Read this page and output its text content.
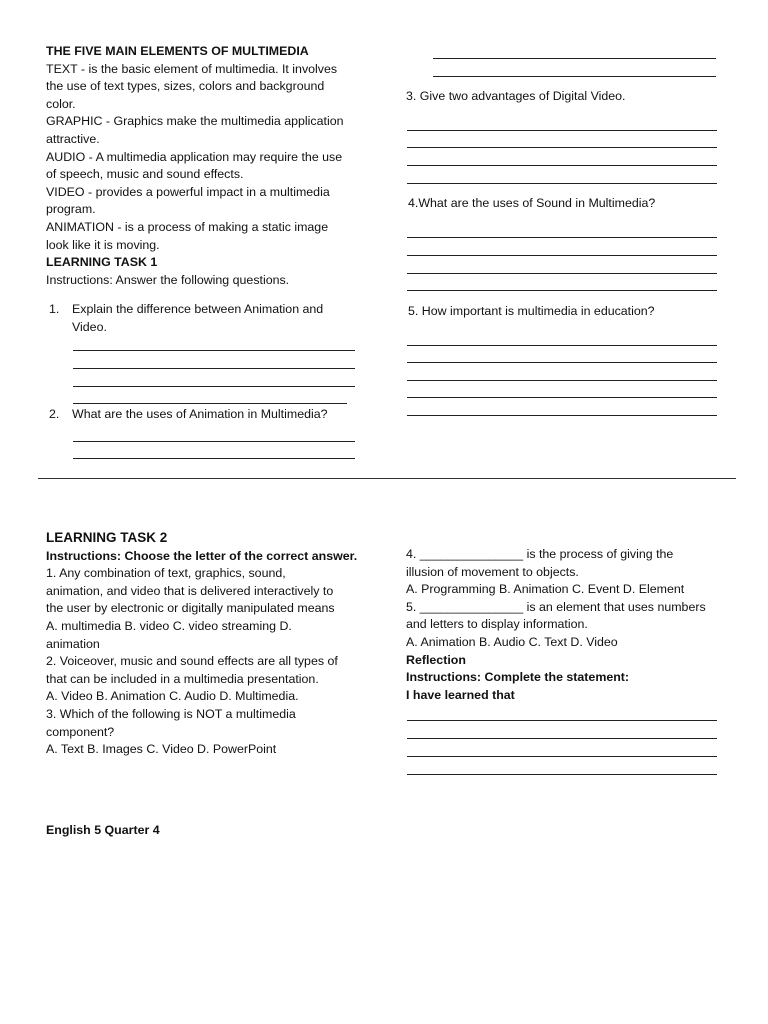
THE FIVE MAIN ELEMENTS OF MULTIMEDIA
TEXT - is the basic element of multimedia. It involves
the use of text types, sizes, colors and background
color.
GRAPHIC - Graphics make the multimedia application
attractive.
AUDIO - A multimedia application may require the use
of speech, music and sound effects.
VIDEO - provides a powerful impact in a multimedia
program.
ANIMATION - is a process of making a static image
look like it is moving.
LEARNING TASK 1
Instructions: Answer the following questions.
1. Explain the difference between Animation and
Video.
2. What are the uses of Animation in Multimedia?
3. Give two advantages of Digital Video.
4.What are the uses of Sound in Multimedia?
5. How important is multimedia in education?
LEARNING TASK 2
Instructions: Choose the letter of the correct answer.
1. Any combination of text, graphics, sound,
animation, and video that is delivered interactively to
the user by electronic or digitally manipulated means
A. multimedia B. video C. video streaming D.
animation
2. Voiceover, music and sound effects are all types of
that can be included in a multimedia presentation.
A. Video B. Animation C. Audio D. Multimedia.
3. Which of the following is NOT a multimedia
component?
A. Text B. Images C. Video D. PowerPoint
4. _______________ is the process of giving the
illusion of movement to objects.
A. Programming B. Animation C. Event D. Element
5. _______________ is an element that uses numbers
and letters to display information.
A. Animation B. Audio C. Text D. Video
Reflection
Instructions: Complete the statement:
I have learned that
English 5 Quarter 4
